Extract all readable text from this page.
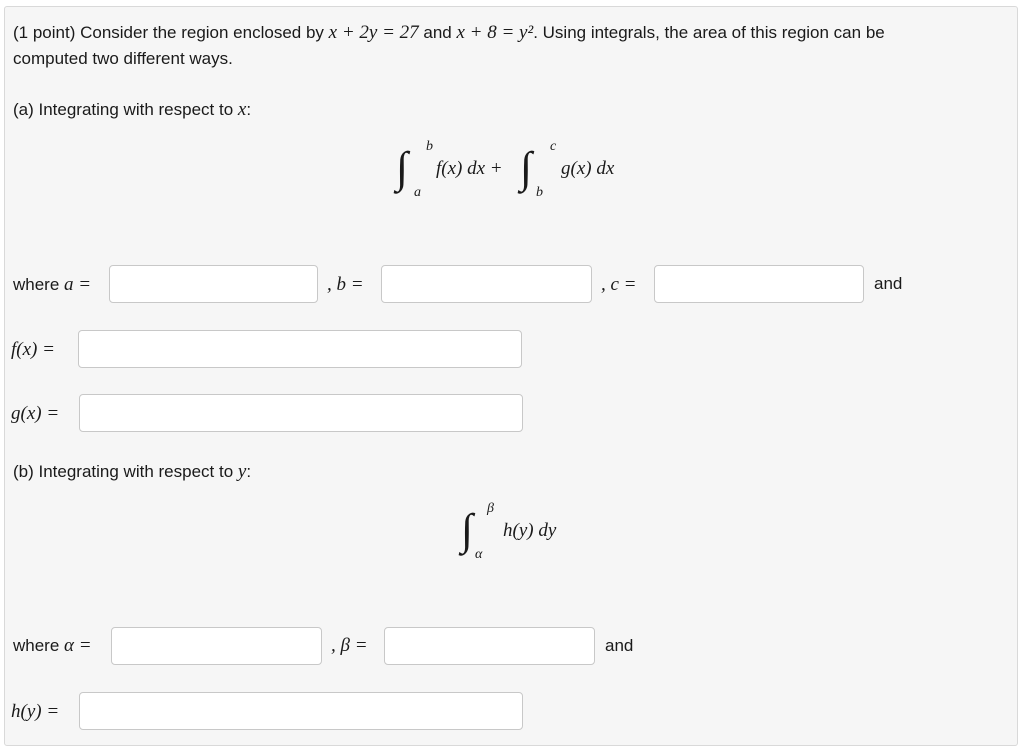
(1 point) Consider the region enclosed by x + 2y = 27 and x + 8 = y². Using integrals, the area of this region can be
computed two different ways.
(a) Integrating with respect to x:
∫ b
a
f(x) dx + ∫ c
b
g(x) dx
where a =	, b =	, c =	and
f(x) =
g(x) =
(b) Integrating with respect to y:
∫ β
α
h(y) dy
where α =	, β =	and
h(y) =
